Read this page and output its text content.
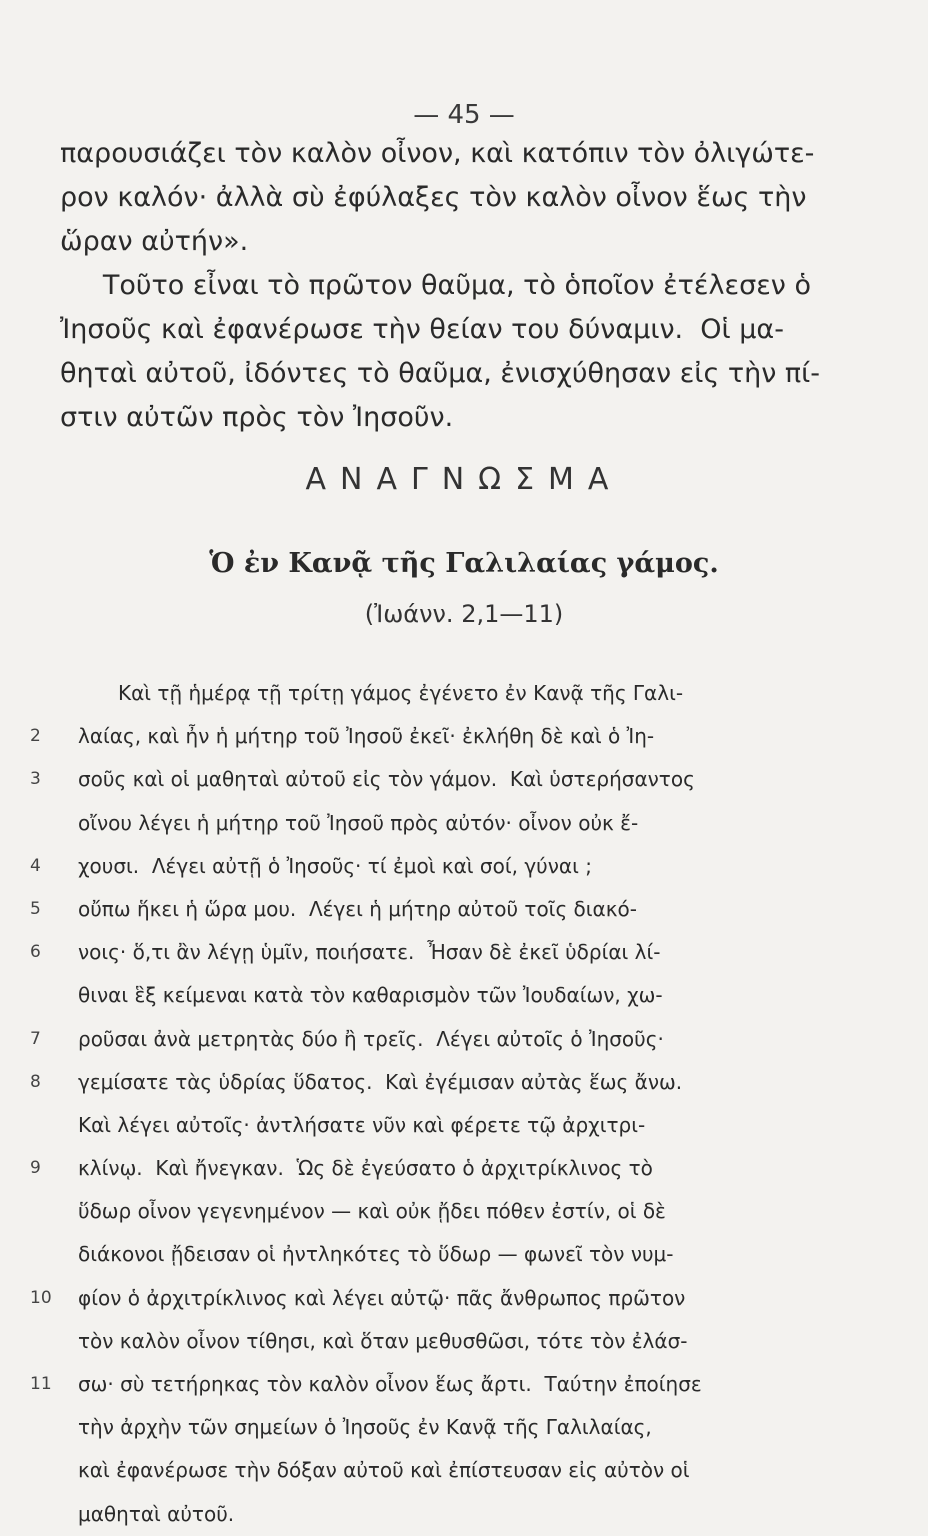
— 45 —
παρουσιάζει τὸν καλὸν οἶνον, καὶ κατόπιν τὸν ὀλιγώτε-
ρον καλόν· ἀλλὰ σὺ ἐφύλαξες τὸν καλὸν οἶνον ἕως τὴν
ὥραν αὐτήν».
Τοῦτο εἶναι τὸ πρῶτον θαῦμα, τὸ ὁποῖον ἐτέλεσεν ὁ
Ἰησοῦς καὶ ἐφανέρωσε τὴν θείαν του δύναμιν.  Οἱ μα-
θηταὶ αὐτοῦ, ἰδόντες τὸ θαῦμα, ἐνισχύθησαν εἰς τὴν πί-
στιν αὐτῶν πρὸς τὸν Ἰησοῦν.
ΑΝΑΓΝΩΣΜΑ
Ὁ ἐν Κανᾷ τῆς Γαλιλαίας γάμος.
(Ἰωάνν. 2,1—11)
Καὶ τῇ ἡμέρᾳ τῇ τρίτῃ γάμος ἐγένετο ἐν Κανᾷ τῆς Γαλι-
2	λαίας, καὶ ἦν ἡ μήτηρ τοῦ Ἰησοῦ ἐκεῖ· ἐκλήθη δὲ καὶ ὁ Ἰη-
3	σοῦς καὶ οἱ μαθηταὶ αὐτοῦ εἰς τὸν γάμον.  Καὶ ὑστερήσαντος
οἴνου λέγει ἡ μήτηρ τοῦ Ἰησοῦ πρὸς αὐτόν· οἶνον οὐκ ἔ-
4	χουσι.  Λέγει αὐτῇ ὁ Ἰησοῦς· τί ἐμοὶ καὶ σοί, γύναι ;
5	οὔπω ἥκει ἡ ὥρα μου.  Λέγει ἡ μήτηρ αὐτοῦ τοῖς διακό-
6	νοις· ὅ,τι ἂν λέγῃ ὑμῖν, ποιήσατε.  Ἦσαν δὲ ἐκεῖ ὑδρίαι λί-
θιναι ἓξ κείμεναι κατὰ τὸν καθαρισμὸν τῶν Ἰουδαίων, χω-
7	ροῦσαι ἀνὰ μετρητὰς δύο ἢ τρεῖς.  Λέγει αὐτοῖς ὁ Ἰησοῦς·
8	γεμίσατε τὰς ὑδρίας ὕδατος.  Καὶ ἐγέμισαν αὐτὰς ἕως ἄνω.
Καὶ λέγει αὐτοῖς· ἀντλήσατε νῦν καὶ φέρετε τῷ ἀρχιτρι-
9	κλίνῳ.  Καὶ ἤνεγκαν.  Ὡς δὲ ἐγεύσατο ὁ ἀρχιτρίκλινος τὸ
ὕδωρ οἶνον γεγενημένον — καὶ οὐκ ᾔδει πόθεν ἐστίν, οἱ δὲ
διάκονοι ᾔδεισαν οἱ ἠντληκότες τὸ ὕδωρ — φωνεῖ τὸν νυμ-
10	φίον ὁ ἀρχιτρίκλινος καὶ λέγει αὐτῷ· πᾶς ἄνθρωπος πρῶτον
τὸν καλὸν οἶνον τίθησι, καὶ ὅταν μεθυσθῶσι, τότε τὸν ἐλάσ-
11	σω· σὺ τετήρηκας τὸν καλὸν οἶνον ἕως ἄρτι.  Ταύτην ἐποίησε
τὴν ἀρχὴν τῶν σημείων ὁ Ἰησοῦς ἐν Κανᾷ τῆς Γαλιλαίας,
καὶ ἐφανέρωσε τὴν δόξαν αὐτοῦ καὶ ἐπίστευσαν εἰς αὐτὸν οἱ
μαθηταὶ αὐτοῦ.
